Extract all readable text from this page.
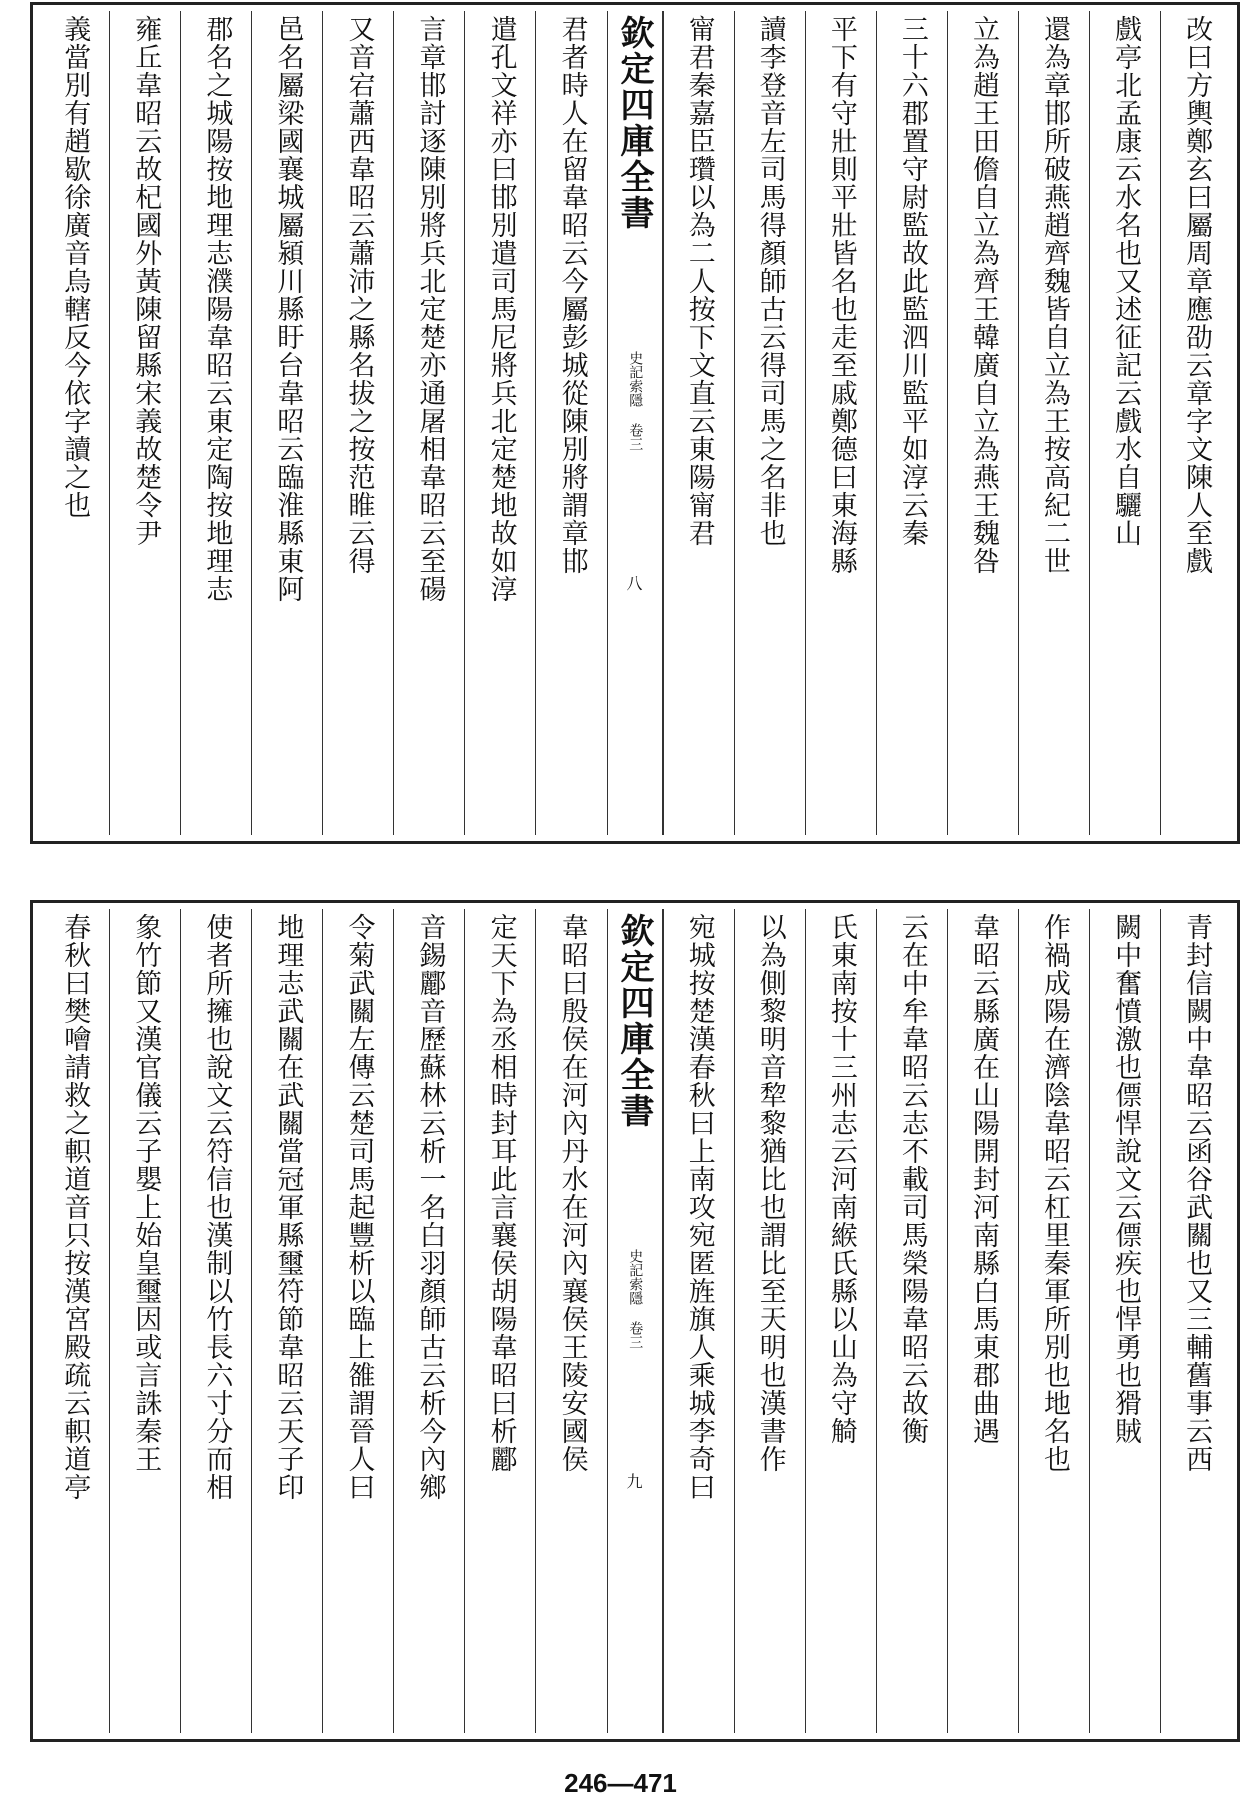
改曰方輿鄭玄曰屬周章應劭云章字文陳人至戲
戲亭北孟康云水名也又述征記云戲水自驪山
還為章邯所破燕趙齊魏皆自立為王按高紀二世
立為趙王田儋自立為齊王韓廣自立為燕王魏咎
三十六郡置守尉監故此監泗川監平如淳云秦
平下有守壯則平壯皆名也走至戚鄭德曰東海縣
讀李登音左司馬得顏師古云得司馬之名非也
甯君秦嘉臣瓚以為二人按下文直云東陽甯君
欽定四庫全書
史記索隱 卷三
八
君者時人在留韋昭云今屬彭城從陳別將謂章邯
遣孔文祥亦曰邯別遣司馬尼將兵北定楚地故如淳
言章邯討逐陳別將兵北定楚亦通屠相韋昭云至碭
又音宕蕭西韋昭云蕭沛之縣名拔之按范睢云得
邑名屬梁國襄城屬潁川縣盱台韋昭云臨淮縣東阿
郡名之城陽按地理志濮陽韋昭云東定陶按地理志
雍丘韋昭云故杞國外黃陳留縣宋義故楚令尹
義當別有趙歇徐廣音烏轄反今依字讀之也
青封信闕中韋昭云函谷武關也又三輔舊事云西
闕中奮憤激也僄悍說文云僄疾也悍勇也猾賊
作禍成陽在濟陰韋昭云杠里秦軍所別也地名也
韋昭云縣廣在山陽開封河南縣白馬東郡曲遇
云在中牟韋昭云志不載司馬榮陽韋昭云故衡
氏東南按十三州志云河南緱氏縣以山為守觭
以為側黎明音犂黎猶比也謂比至天明也漢書作
宛城按楚漢春秋曰上南攻宛匿旌旗人乘城李奇曰
欽定四庫全書
史記索隱 卷三
九
韋昭曰殷侯在河內丹水在河內襄侯王陵安國侯
定天下為丞相時封耳此言襄侯胡陽韋昭曰析酈
音錫酈音歷蘇林云析一名白羽顏師古云析今內鄉
令菊武關左傳云楚司馬起豐析以臨上雒謂晉人曰
地理志武關在武關當冠軍縣璽符節韋昭云天子印
使者所擁也說文云符信也漢制以竹長六寸分而相
象竹節又漢官儀云子嬰上始皇璽因或言誅秦王
春秋曰樊噲請救之軹道音只按漢宮殿疏云軹道亭
246—471
